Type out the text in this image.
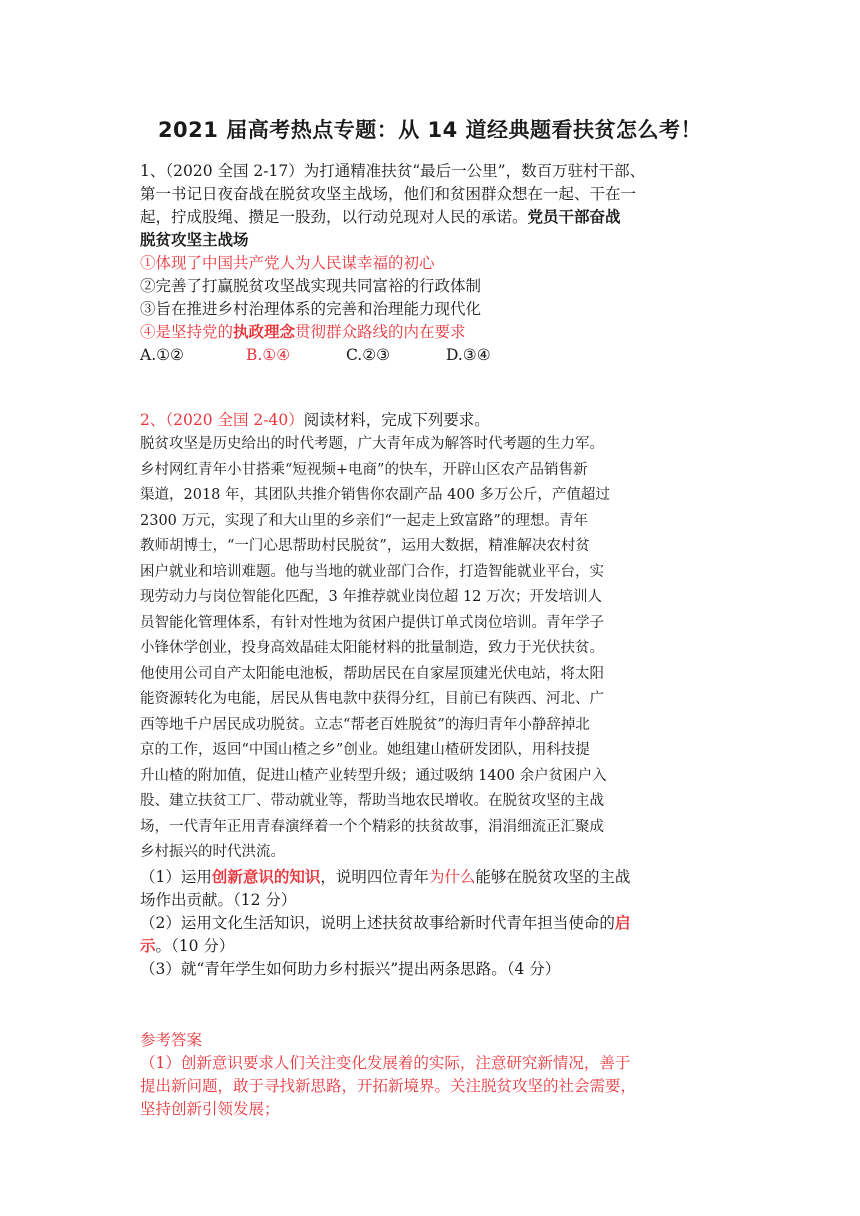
2021 届高考热点专题：从 14 道经典题看扶贫怎么考！
1、（2020 全国 2-17）为打通精准扶贫“最后一公里”，数百万驻村干部、
第一书记日夜奋战在脱贫攻坚主战场，他们和贫困群众想在一起、干在一
起，拧成股绳、攒足一股劲，以行动兑现对人民的承诺。党员干部奋战
脱贫攻坚主战场
①体现了中国共产党人为人民谋幸福的初心
②完善了打赢脱贫攻坚战实现共同富裕的行政体制
③旨在推进乡村治理体系的完善和治理能力现代化
④是坚持党的执政理念贯彻群众路线的内在要求
A.①②	B.①④	C.②③	D.③④
2、（2020 全国 2-40）阅读材料，完成下列要求。
脱贫攻坚是历史给出的时代考题，广大青年成为解答时代考题的生力军。
乡村网红青年小甘搭乘“短视频+电商”的快车，开辟山区农产品销售新
渠道，2018 年，其团队共推介销售你农副产品 400 多万公斤，产值超过
2300 万元，实现了和大山里的乡亲们“一起走上致富路”的理想。青年
教师胡博士，“一门心思帮助村民脱贫”，运用大数据，精准解决农村贫
困户就业和培训难题。他与当地的就业部门合作，打造智能就业平台，实
现劳动力与岗位智能化匹配，3 年推荐就业岗位超 12 万次；开发培训人
员智能化管理体系，有针对性地为贫困户提供订单式岗位培训。青年学子
小锋休学创业，投身高效晶硅太阳能材料的批量制造，致力于光伏扶贫。
他使用公司自产太阳能电池板，帮助居民在自家屋顶建光伏电站，将太阳
能资源转化为电能，居民从售电款中获得分红，目前已有陕西、河北、广
西等地千户居民成功脱贫。立志“帮老百姓脱贫”的海归青年小静辞掉北
京的工作，返回“中国山楂之乡”创业。她组建山楂研发团队，用科技提
升山楂的附加值，促进山楂产业转型升级；通过吸纳 1400 余户贫困户入
股、建立扶贫工厂、带动就业等，帮助当地农民增收。在脱贫攻坚的主战
场，一代青年正用青春演绎着一个个精彩的扶贫故事，涓涓细流正汇聚成
乡村振兴的时代洪流。
（1）运用创新意识的知识，说明四位青年为什么能够在脱贫攻坚的主战
场作出贡献。（12 分）
（2）运用文化生活知识，说明上述扶贫故事给新时代青年担当使命的启
示。（10 分）
（3）就“青年学生如何助力乡村振兴”提出两条思路。（4 分）
参考答案
（1）创新意识要求人们关注变化发展着的实际，注意研究新情况，善于
提出新问题，敢于寻找新思路，开拓新境界。关注脱贫攻坚的社会需要，
坚持创新引领发展；
